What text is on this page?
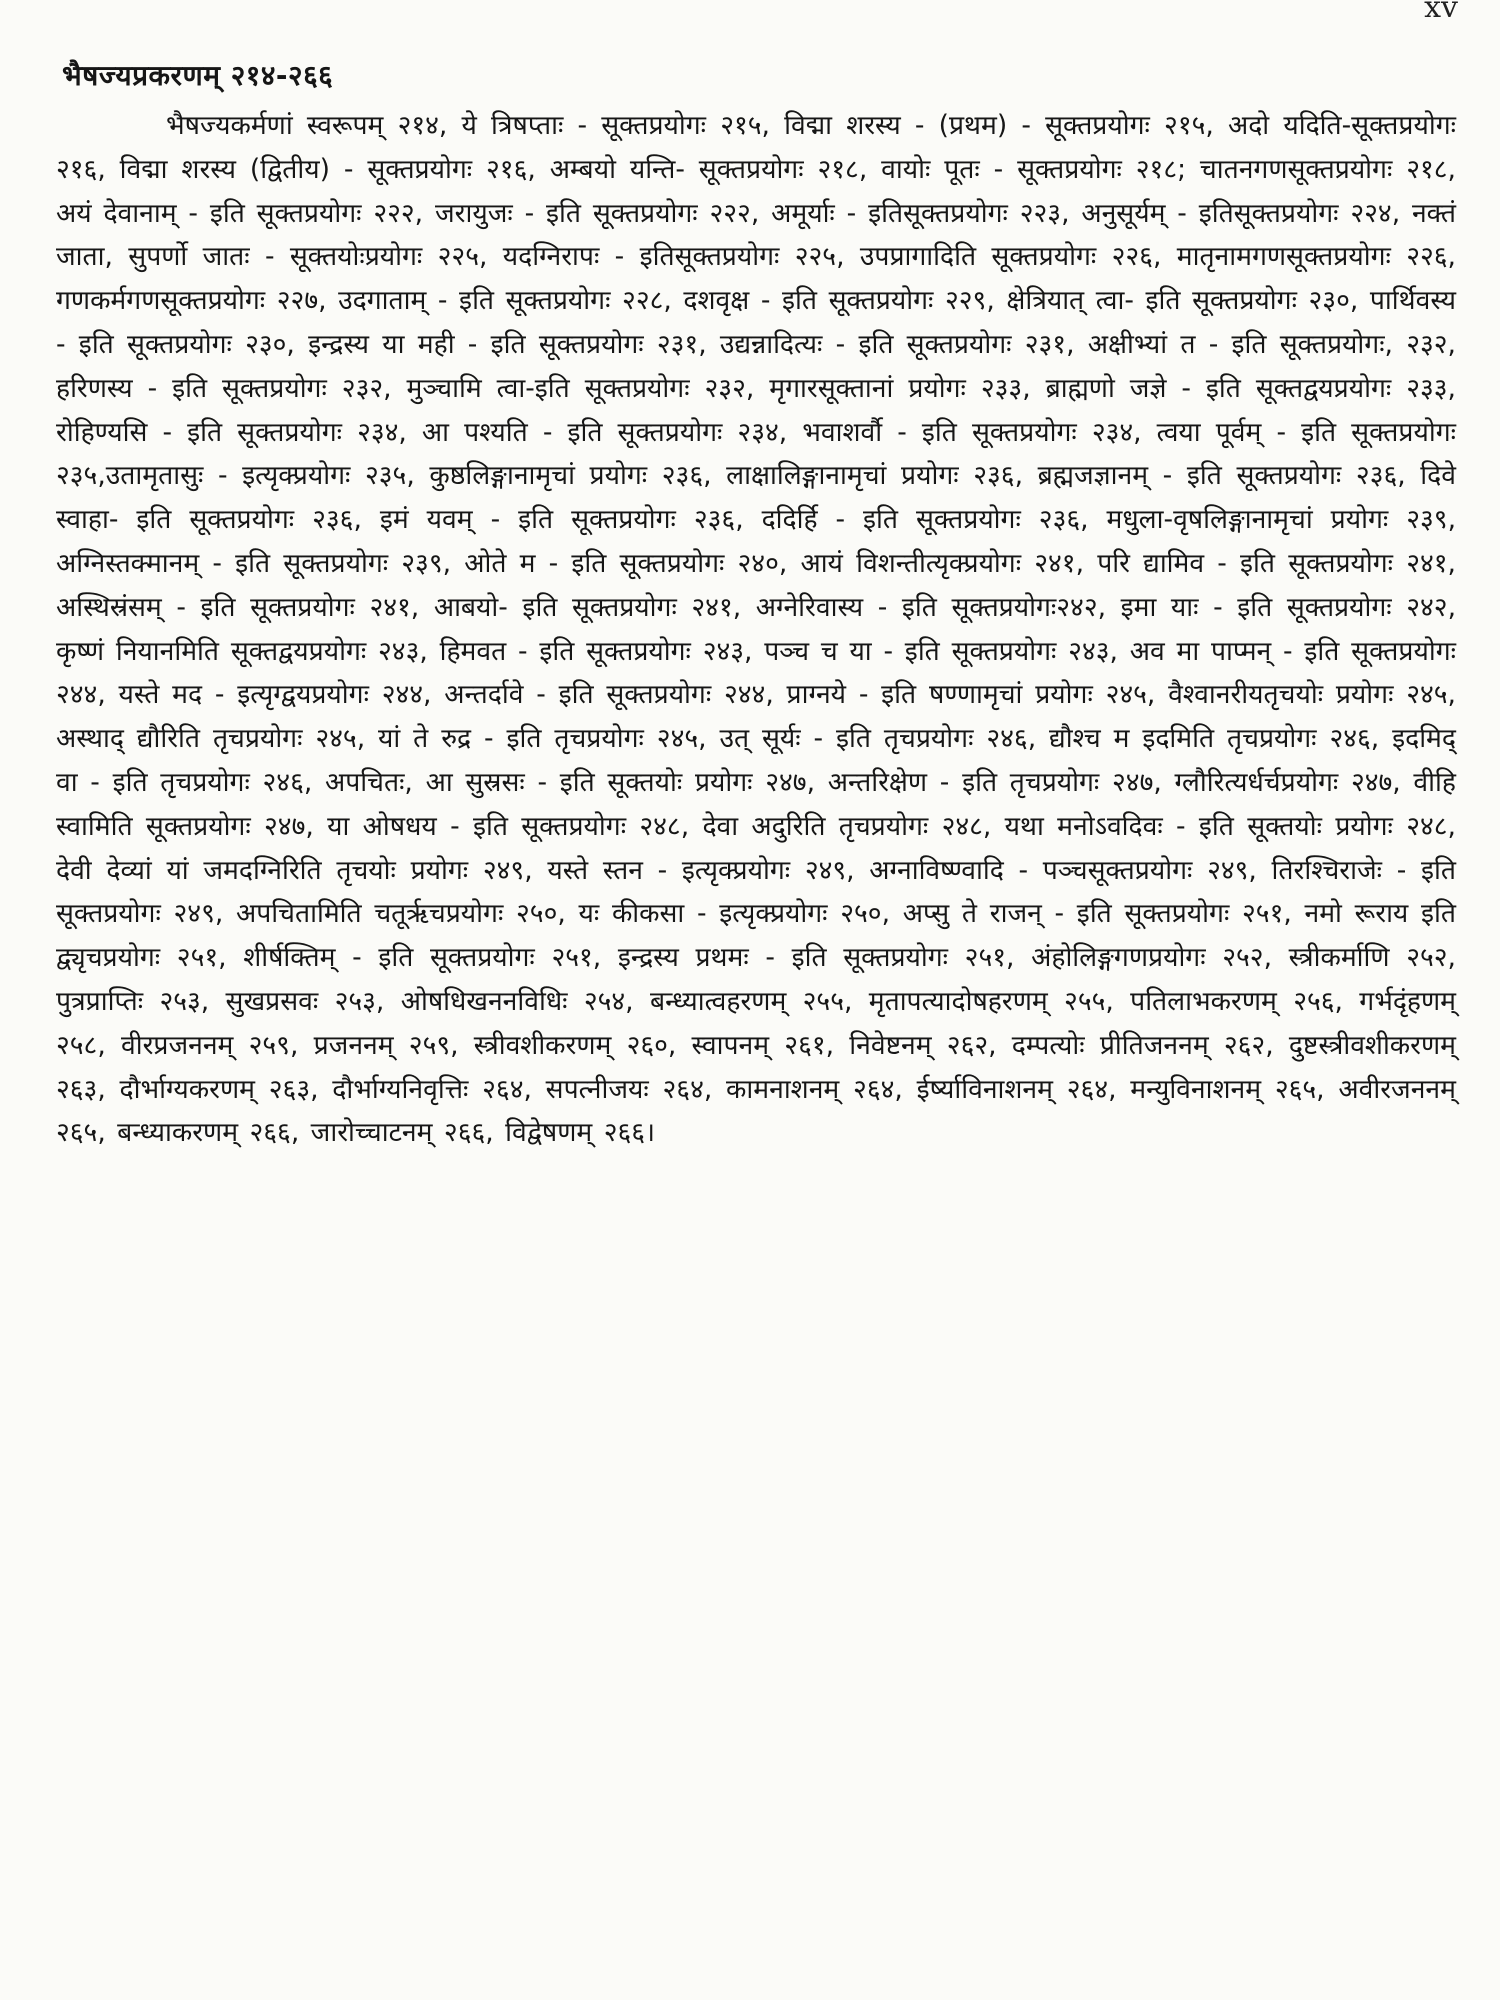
xv
भैषज्यप्रकरणम् २१४-२६६
भैषज्यकर्मणां स्वरूपम् २१४, ये त्रिषप्ताः - सूक्तप्रयोगः २१५, विद्मा शरस्य - (प्रथम) - सूक्तप्रयोगः २१५, अदो यदिति-सूक्तप्रयोगः २१६, विद्मा शरस्य (द्वितीय) - सूक्तप्रयोगः २१६, अम्बयो यन्ति- सूक्तप्रयोगः २१८, वायोः पूतः - सूक्तप्रयोगः २१८; चातनगणसूक्तप्रयोगः २१८, अयं देवानाम् - इति सूक्तप्रयोगः २२२, जरायुजः - इति सूक्तप्रयोगः २२२, अमूर्याः - इतिसूक्तप्रयोगः २२३, अनुसूर्यम् - इतिसूक्तप्रयोगः २२४, नक्तं जाता, सुपर्णो जातः - सूक्तयोःप्रयोगः २२५, यदग्निरापः - इतिसूक्तप्रयोगः २२५, उपप्रागादिति सूक्तप्रयोगः २२६, मातृनामगणसूक्तप्रयोगः २२६, गणकर्मगणसूक्तप्रयोगः २२७, उदगाताम् - इति सूक्तप्रयोगः २२८, दशवृक्ष - इति सूक्तप्रयोगः २२९, क्षेत्रियात् त्वा- इति सूक्तप्रयोगः २३०, पार्थिवस्य - इति सूक्तप्रयोगः २३०, इन्द्रस्य या मही - इति सूक्तप्रयोगः २३१, उद्यन्नादित्यः - इति सूक्तप्रयोगः २३१, अक्षीभ्यां त - इति सूक्तप्रयोगः, २३२, हरिणस्य - इति सूक्तप्रयोगः २३२, मुञ्चामि त्वा-इति सूक्तप्रयोगः २३२, मृगारसूक्तानां प्रयोगः २३३, ब्राह्मणो जज्ञे - इति सूक्तद्वयप्रयोगः २३३, रोहिण्यसि - इति सूक्तप्रयोगः २३४, आ पश्यति - इति सूक्तप्रयोगः २३४, भवाशर्वौ - इति सूक्तप्रयोगः २३४, त्वया पूर्वम् - इति सूक्तप्रयोगः २३५,उतामृतासुः - इत्यृक्प्रयोगः २३५, कुष्ठलिङ्गानामृचां प्रयोगः २३६, लाक्षालिङ्गानामृचां प्रयोगः २३६, ब्रह्मजज्ञानम् - इति सूक्तप्रयोगः २३६, दिवे स्वाहा- इति सूक्तप्रयोगः २३६, इमं यवम् - इति सूक्तप्रयोगः २३६, ददिर्हि - इति सूक्तप्रयोगः २३६, मधुला-वृषलिङ्गानामृचां प्रयोगः २३९, अग्निस्तक्मानम् - इति सूक्तप्रयोगः २३९, ओते म - इति सूक्तप्रयोगः २४०, आयं विशन्तीत्यृक्प्रयोगः २४१, परि द्यामिव - इति सूक्तप्रयोगः २४१, अस्थिस्रंसम् - इति सूक्तप्रयोगः २४१, आबयो- इति सूक्तप्रयोगः २४१, अग्नेरिवास्य - इति सूक्तप्रयोगः२४२, इमा याः - इति सूक्तप्रयोगः २४२, कृष्णं नियानमिति सूक्तद्वयप्रयोगः २४३, हिमवत - इति सूक्तप्रयोगः २४३, पञ्च च या - इति सूक्तप्रयोगः २४३, अव मा पाप्मन् - इति सूक्तप्रयोगः २४४, यस्ते मद - इत्यृग्द्वयप्रयोगः २४४, अन्तर्दावे - इति सूक्तप्रयोगः २४४, प्राग्नये - इति षण्णामृचां प्रयोगः २४५, वैश्वानरीयतृचयोः प्रयोगः २४५, अस्थाद् द्यौरिति तृचप्रयोगः २४५, यां ते रुद्र - इति तृचप्रयोगः २४५, उत् सूर्यः - इति तृचप्रयोगः २४६, द्यौश्च म इदमिति तृचप्रयोगः २४६, इदमिद् वा - इति तृचप्रयोगः २४६, अपचितः, आ सुस्रसः - इति सूक्तयोः प्रयोगः २४७, अन्तरिक्षेण - इति तृचप्रयोगः २४७, ग्लौरित्यर्धर्चप्रयोगः २४७, वीहि स्वामिति सूक्तप्रयोगः २४७, या ओषधय - इति सूक्तप्रयोगः २४८, देवा अदुरिति तृचप्रयोगः २४८, यथा मनोऽवदिवः - इति सूक्तयोः प्रयोगः २४८, देवी देव्यां यां जमदग्निरिति तृचयोः प्रयोगः २४९, यस्ते स्तन - इत्यृक्प्रयोगः २४९, अग्नाविष्ण्वादि - पञ्चसूक्तप्रयोगः २४९, तिरश्चिराजेः - इति सूक्तप्रयोगः २४९, अपचितामिति चतूरृचप्रयोगः २५०, यः कीकसा - इत्यृक्प्रयोगः २५०, अप्सु ते राजन् - इति सूक्तप्रयोगः २५१, नमो रूराय इति द्व्यृचप्रयोगः २५१, शीर्षक्तिम् - इति सूक्तप्रयोगः २५१, इन्द्रस्य प्रथमः - इति सूक्तप्रयोगः २५१, अंहोलिङ्गगणप्रयोगः २५२, स्त्रीकर्माणि २५२, पुत्रप्राप्तिः २५३, सुखप्रसवः २५३, ओषधिखननविधिः २५४, बन्ध्यात्वहरणम् २५५, मृतापत्यादोषहरणम् २५५, पतिलाभकरणम् २५६, गर्भदृंहणम् २५८, वीरप्रजननम् २५९, प्रजननम् २५९, स्त्रीवशीकरणम् २६०, स्वापनम् २६१, निवेष्टनम् २६२, दम्पत्योः प्रीतिजननम् २६२, दुष्टस्त्रीवशीकरणम् २६३, दौर्भाग्यकरणम् २६३, दौर्भाग्यनिवृत्तिः २६४, सपत्नीजयः २६४, कामनाशनम् २६४, ईर्ष्याविनाशनम् २६४, मन्युविनाशनम् २६५, अवीरजननम् २६५, बन्ध्याकरणम् २६६, जारोच्चाटनम् २६६, विद्वेषणम् २६६।
